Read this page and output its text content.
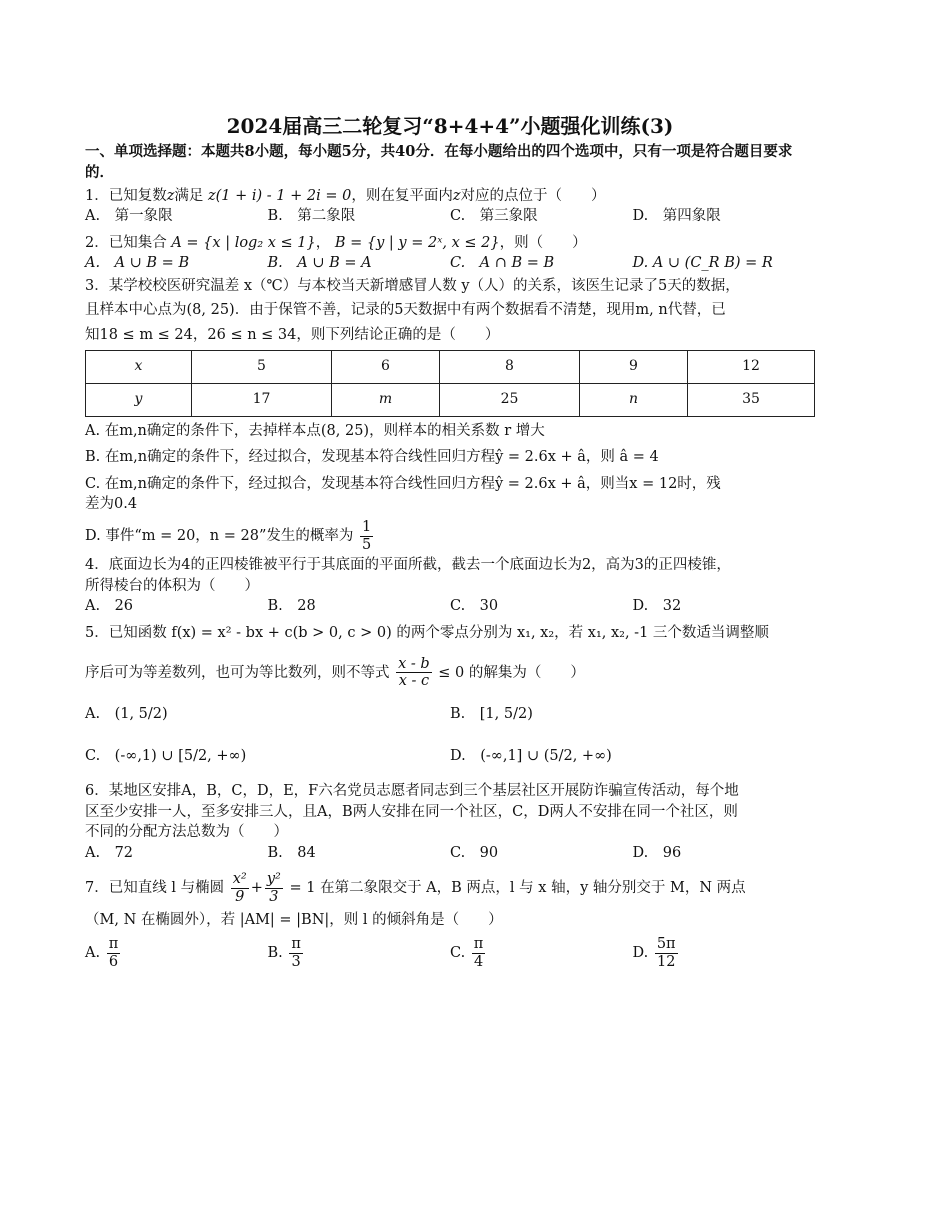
2024届高三二轮复习“8+4+4”小题强化训练(3)
一、单项选择题：本题共8小题，每小题5分，共40分．在每小题给出的四个选项中，只有一项是符合题目要求的．
1．已知复数z满足 z(1 + i) - 1 + 2i = 0，则在复平面内z对应的点位于（　　）
A.　第一象限	B.　第二象限	C.　第三象限	D.　第四象限
2．已知集合 A = {x | log₂ x ≤ 1}， B = {y | y = 2ˣ, x ≤ 2}，则（　　）
A.　A ∪ B = B	B.　A ∪ B = A	C.　A ∩ B = B	D. A ∪ (C_R B) = R
3．某学校校医研究温差 x（℃）与本校当天新增感冒人数 y（人）的关系，该医生记录了5天的数据，
且样本中心点为(8, 25)．由于保管不善，记录的5天数据中有两个数据看不清楚，现用m, n代替，已
知18 ≤ m ≤ 24，26 ≤ n ≤ 34，则下列结论正确的是（　　）
x	5	6	8	9	12
y	17	m	25	n	35
A. 在m,n确定的条件下，去掉样本点(8, 25)，则样本的相关系数 r 增大
B. 在m,n确定的条件下，经过拟合，发现基本符合线性回归方程ŷ = 2.6x + â，则 â = 4
C. 在m,n确定的条件下，经过拟合，发现基本符合线性回归方程ŷ = 2.6x + â，则当x = 12时，残
差为0.4
D. 事件“m = 20，n = 28”发生的概率为 $\frac{1}{5}$
4．底面边长为4的正四棱锥被平行于其底面的平面所截，截去一个底面边长为2，高为3的正四棱锥，
所得棱台的体积为（　　）
A.　26	B.　28	C.　30	D.　32
5．已知函数 f(x) = x² - bx + c(b > 0, c > 0) 的两个零点分别为 x₁, x₂，若 x₁, x₂, -1 三个数适当调整顺
序后可为等差数列，也可为等比数列，则不等式 $\frac{x - b}{x - c} \le 0$ 的解集为（　　）
A.　(1, 5/2)	B.　[1, 5/2)
C.　(-∞,1) ∪ [5/2, +∞)	D.　(-∞,1] ∪ (5/2, +∞)
6．某地区安排A，B，C，D，E，F六名党员志愿者同志到三个基层社区开展防诈骗宣传活动，每个地
区至少安排一人，至多安排三人，且A，B两人安排在同一个社区，C，D两人不安排在同一个社区，则
不同的分配方法总数为（　　）
A.　72	B.　84	C.　90	D.　96
7．已知直线 l 与椭圆 $\frac{\text{x²}}{9} + \frac{\text{y²}}{3} = 1$ 在第二象限交于 A，B 两点，l 与 x 轴，y 轴分别交于 M，N 两点
（M, N 在椭圆外），若 |AM| = |BN|，则 l 的倾斜角是（　　）
A. $\frac{\pi}{6}$	B. $\frac{\pi}{3}$	C. $\frac{\pi}{4}$	D. $\frac{5\pi}{12}$
